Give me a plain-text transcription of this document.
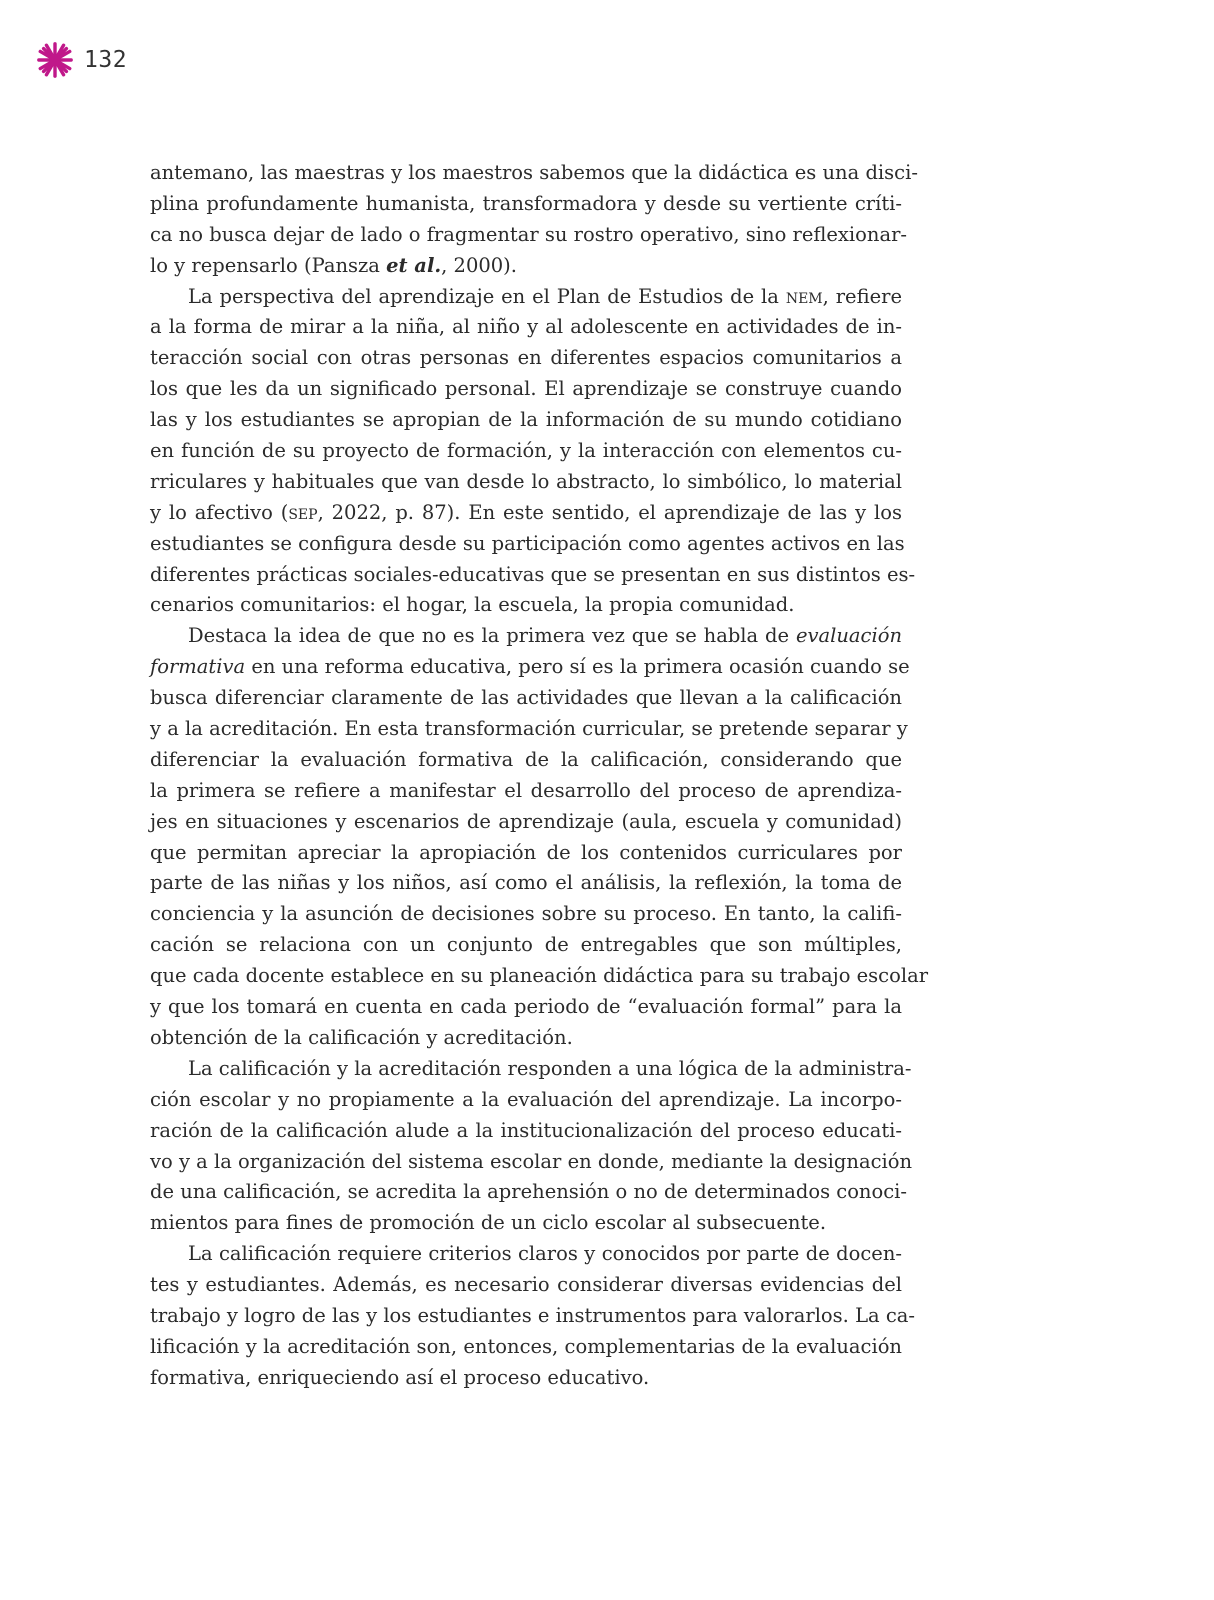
132
antemano, las maestras y los maestros sabemos que la didáctica es una disci-
plina profundamente humanista, transformadora y desde su vertiente críti-
ca no busca dejar de lado o fragmentar su rostro operativo, sino reflexionar-
lo y repensarlo (Pansza et al., 2000).
La perspectiva del aprendizaje en el Plan de Estudios de la nem, refiere
a la forma de mirar a la niña, al niño y al adolescente en actividades de in-
teracción social con otras personas en diferentes espacios comunitarios a
los que les da un significado personal. El aprendizaje se construye cuando
las y los estudiantes se apropian de la información de su mundo cotidiano
en función de su proyecto de formación, y la interacción con elementos cu-
rriculares y habituales que van desde lo abstracto, lo simbólico, lo material
y lo afectivo (sep, 2022, p. 87). En este sentido, el aprendizaje de las y los
estudiantes se configura desde su participación como agentes activos en las
diferentes prácticas sociales-educativas que se presentan en sus distintos es-
cenarios comunitarios: el hogar, la escuela, la propia comunidad.
Destaca la idea de que no es la primera vez que se habla de evaluación
formativa en una reforma educativa, pero sí es la primera ocasión cuando se
busca diferenciar claramente de las actividades que llevan a la calificación
y a la acreditación. En esta transformación curricular, se pretende separar y
diferenciar la evaluación formativa de la calificación, considerando que
la primera se refiere a manifestar el desarrollo del proceso de aprendiza-
jes en situaciones y escenarios de aprendizaje (aula, escuela y comunidad)
que permitan apreciar la apropiación de los contenidos curriculares por
parte de las niñas y los niños, así como el análisis, la reflexión, la toma de
conciencia y la asunción de decisiones sobre su proceso. En tanto, la califi-
cación se relaciona con un conjunto de entregables que son múltiples,
que cada docente establece en su planeación didáctica para su trabajo escolar
y que los tomará en cuenta en cada periodo de “evaluación formal” para la
obtención de la calificación y acreditación.
La calificación y la acreditación responden a una lógica de la administra-
ción escolar y no propiamente a la evaluación del aprendizaje. La incorpo-
ración de la calificación alude a la institucionalización del proceso educati-
vo y a la organización del sistema escolar en donde, mediante la designación
de una calificación, se acredita la aprehensión o no de determinados conoci-
mientos para fines de promoción de un ciclo escolar al subsecuente.
La calificación requiere criterios claros y conocidos por parte de docen-
tes y estudiantes. Además, es necesario considerar diversas evidencias del
trabajo y logro de las y los estudiantes e instrumentos para valorarlos. La ca-
lificación y la acreditación son, entonces, complementarias de la evaluación
formativa, enriqueciendo así el proceso educativo.
